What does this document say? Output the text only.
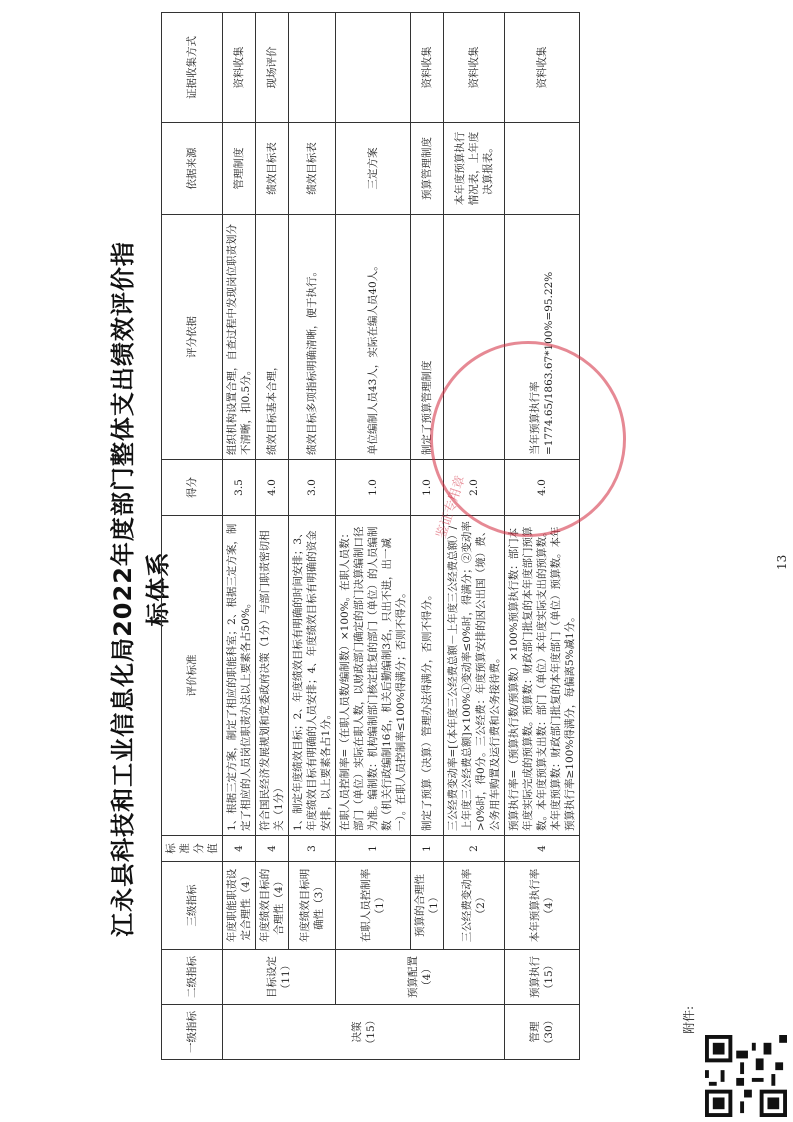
江永县科技和工业信息化局2022年度部门整体支出绩效评价指标体系
附件:
一级指标	二级指标	三级指标	标准分值	评价标准	得分	评分依据	依据来源	证据收集方式
决策（15）	目标设定（11）	年度职能职责设定合理性（4）	4	1、根据三定方案，制定了相应的职能科室；2、根据三定方案，制定了相应的人员岗位职责办法以上要素各占50%。	3.5	组织机构设置合理，自查过程中发现岗位职责划分不清晰，扣0.5分。	管理制度	资料收集
		年度绩效目标的合理性（4）	4	符合国民经济发展规划和党委政府决策（1分）与部门职责密切相关（1分）	4.0	绩效目标基本合理，	绩效目标表	现场评价
		年度绩效目标明确性（3）	3	1、制定年度绩效目标；2、年度绩效目标有明确的时间安排；3、年度绩效目标有明确的人员安排；4、年度绩效目标有明确的资金安排，以上要素各占1分。	3.0	绩效目标多项指标明确清晰，便于执行。	绩效目标表	
	预算配置（4）	在职人员控制率（1）	1	在职人员控制率=（在职人员数/编制数）×100%。在职人员数：部门（单位）实际在职人数，以财政部门确定的部门决算编制口径为准。编制数：机构编制部门核定批复的部门（单位）的人员编制数（机关行政编制16名，机关后勤编制3名，只出不进，出一减一）。在职人员控制率≤100%得满分；否则不得分。	1.0	单位编制人员43人，实际在编人员40人。	三定方案	
		预算的合理性（1）	1	制定了预算（决算）管理办法得满分，否则不得分。	1.0	制定了预算管理制度	预算管理制度	资料收集
		三公经费变动率（2）	2	三公经费变动率=[（本年度三公经费总额－上年度三公经费总额）/上年度三公经费总额]×100%①变动率≤0%时，得满分；②变动率>0%时，得0分。三公经费：年度预算安排的因公出国（境）费、公务用车购置及运行费和公务接待费。	2.0		本年度预算执行情况表，上年度决算报表。	资料收集
管理（30）	预算执行（15）	本年预算执行率（4）	4	预算执行率=（预算执行数/预算数）×100%预算执行数：部门本年度实际完成的预算数。预算数：财政部门批复的本年度部门预算数。本年度预算支出数：部门（单位）本年度实际支出的预算数。本年度预算数：财政部门批复的本年度部门（单位）预算数。本年预算执行率≥100%得满分，每偏离5%减1分。	4.0	当年预算执行率=1774.65/1863.67*100%=95.22%		资料收集
鉴证专用章
13
